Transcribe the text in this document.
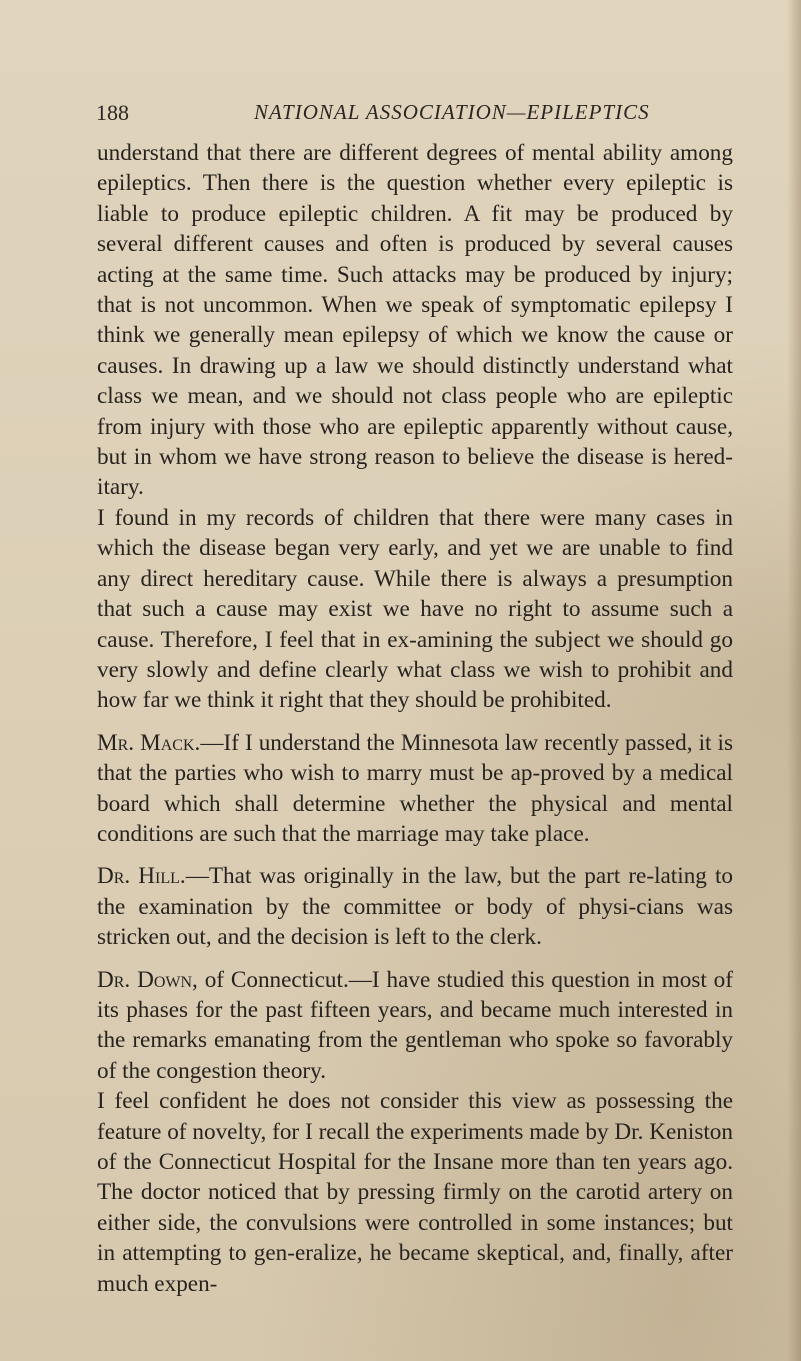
188	NATIONAL ASSOCIATION—EPILEPTICS

understand that there are different degrees of mental ability among epileptics. Then there is the question whether every epileptic is liable to produce epileptic children. A fit may be produced by several different causes and often is produced by several causes acting at the same time. Such attacks may be produced by injury; that is not uncommon. When we speak of symptomatic epilepsy I think we generally mean epilepsy of which we know the cause or causes. In drawing up a law we should distinctly understand what class we mean, and we should not class people who are epileptic from injury with those who are epileptic apparently without cause, but in whom we have strong reason to believe the disease is hered-itary.

I found in my records of children that there were many cases in which the disease began very early, and yet we are unable to find any direct hereditary cause. While there is always a presumption that such a cause may exist we have no right to assume such a cause. Therefore, I feel that in ex-amining the subject we should go very slowly and define clearly what class we wish to prohibit and how far we think it right that they should be prohibited.

Mr. Mack.—If I understand the Minnesota law recently passed, it is that the parties who wish to marry must be ap-proved by a medical board which shall determine whether the physical and mental conditions are such that the marriage may take place.

Dr. Hill.—That was originally in the law, but the part re-lating to the examination by the committee or body of physi-cians was stricken out, and the decision is left to the clerk.

Dr. Down, of Connecticut.—I have studied this question in most of its phases for the past fifteen years, and became much interested in the remarks emanating from the gentleman who spoke so favorably of the congestion theory.

I feel confident he does not consider this view as possessing the feature of novelty, for I recall the experiments made by Dr. Keniston of the Connecticut Hospital for the Insane more than ten years ago. The doctor noticed that by pressing firmly on the carotid artery on either side, the convulsions were controlled in some instances; but in attempting to gen-eralize, he became skeptical, and, finally, after much expen-
